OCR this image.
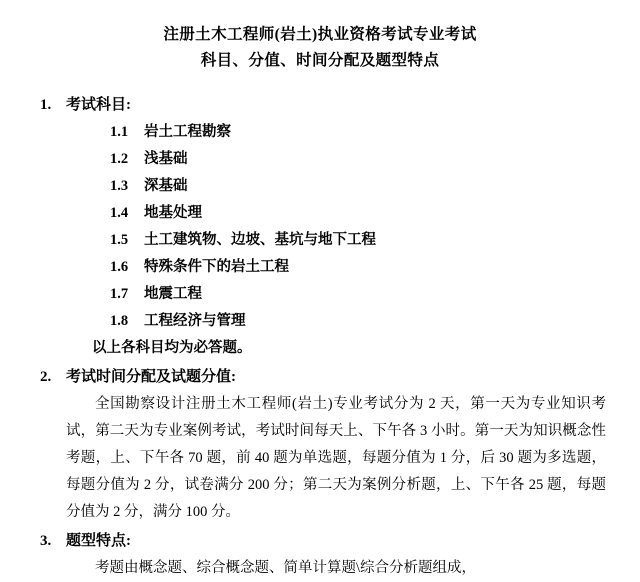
注册土木工程师(岩土)执业资格考试专业考试
科目、分值、时间分配及题型特点
1. 考试科目:
1.1 岩土工程勘察
1.2 浅基础
1.3 深基础
1.4 地基处理
1.5 土工建筑物、边坡、基坑与地下工程
1.6 特殊条件下的岩土工程
1.7 地震工程
1.8 工程经济与管理
以上各科目均为必答题。
2. 考试时间分配及试题分值:

全国勘察设计注册土木工程师(岩土)专业考试分为 2 天，第一天为专业知识考试，第二天为专业案例考试，考试时间每天上、下午各 3 小时。第一天为知识概念性考题，上、下午各 70 题，前 40 题为单选题，每题分值为 1 分，后 30 题为多选题，每题分值为 2 分，试卷满分 200 分；第二天为案例分析题，上、下午各 25 题，每题分值为 2 分，满分 100 分。

3. 题型特点:

考题由概念题、综合概念题、简单计算题\综合分析题组成，
